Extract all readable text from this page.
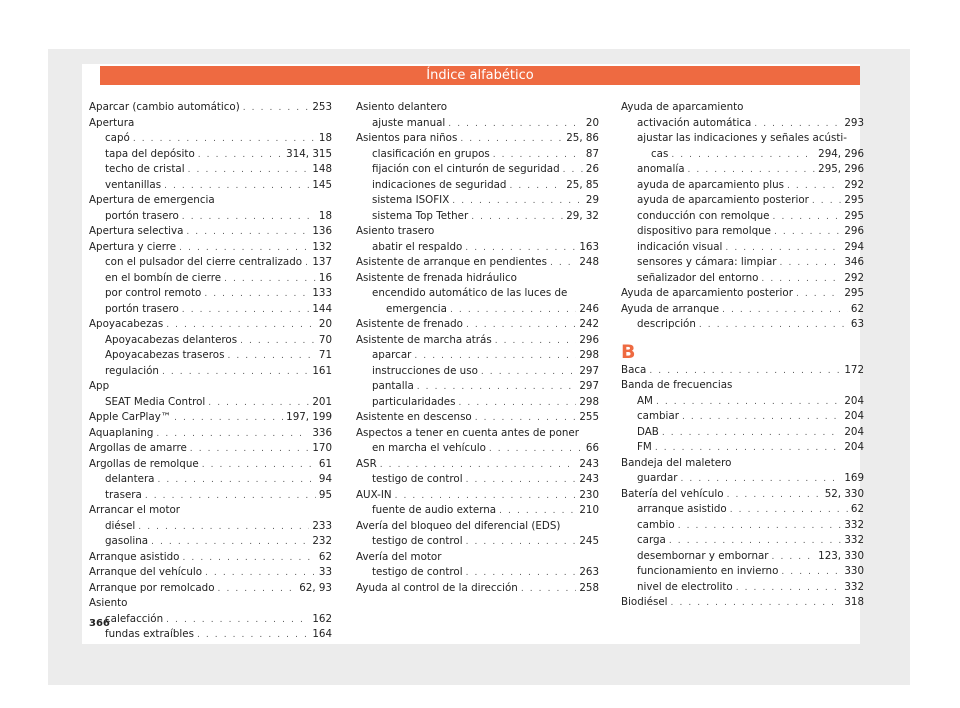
Índice alfabético
Aparcar (cambio automático) . . .	253
Apertura
capó . . .	18
tapa del depósito . . .	314, 315
techo de cristal . . .	148
ventanillas . . .	145
Apertura de emergencia
portón trasero . . .	18
Apertura selectiva . . .	136
Apertura y cierre . . .	132
con el pulsador del cierre centralizado . . . 137
en el bombín de cierre . . .	16
por control remoto . . .	133
portón trasero . . .	144
Apoyacabezas . . .	20
Apoyacabezas delanteros . . .	70
Apoyacabezas traseros . . .	71
regulación . . .	161
App
SEAT Media Control . . .	201
Apple CarPlay™ . . .	197, 199
Aquaplaning . . .	336
Argollas de amarre . . .	170
Argollas de remolque . . .	61
delantera . . .	94
trasera . . .	95
Arrancar el motor
diésel . . .	233
gasolina . . .	232
Arranque asistido . . .	62
Arranque del vehículo . . .	33
Arranque por remolcado . . .	62, 93
Asiento
calefacción . . .	162
fundas extraíbles . . .	164
Asiento delantero
ajuste manual . . .	20
Asientos para niños . . .	25, 86
clasificación en grupos . . .	87
fijación con el cinturón de seguridad . . .	26
indicaciones de seguridad . . .	25, 85
sistema ISOFIX . . .	29
sistema Top Tether . . .	29, 32
Asiento trasero
abatir el respaldo . . .	163
Asistente de arranque en pendientes . . .	248
Asistente de frenada hidráulico
encendido automático de las luces de
emergencia . . .	246
Asistente de frenado . . .	242
Asistente de marcha atrás . . .	296
aparcar . . .	298
instrucciones de uso . . .	297
pantalla . . .	297
particularidades . . .	298
Asistente en descenso . . .	255
Aspectos a tener en cuenta antes de poner
en marcha el vehículo . . .	66
ASR . . .	243
testigo de control . . .	243
AUX-IN . . .	230
fuente de audio externa . . .	210
Avería del bloqueo del diferencial (EDS)
testigo de control . . .	245
Avería del motor
testigo de control . . .	263
Ayuda al control de la dirección . . .	258
Ayuda de aparcamiento
activación automática . . .	293
ajustar las indicaciones y señales acústi-
cas . . .	294, 296
anomalía . . .	295, 296
ayuda de aparcamiento plus . . .	292
ayuda de aparcamiento posterior . . .	295
conducción con remolque . . .	295
dispositivo para remolque . . .	296
indicación visual . . .	294
sensores y cámara: limpiar . . .	346
señalizador del entorno . . .	292
Ayuda de aparcamiento posterior . . .	295
Ayuda de arranque . . .	62
descripción . . .	63
B
Baca . . .	172
Banda de frecuencias
AM . . .	204
cambiar . . .	204
DAB . . .	204
FM . . .	204
Bandeja del maletero
guardar . . .	169
Batería del vehículo . . .	52, 330
arranque asistido . . .	62
cambio . . .	332
carga . . .	332
desembornar y embornar . . .	123, 330
funcionamiento en invierno . . .	330
nivel de electrolito . . .	332
Biodiésel . . .	318
366
